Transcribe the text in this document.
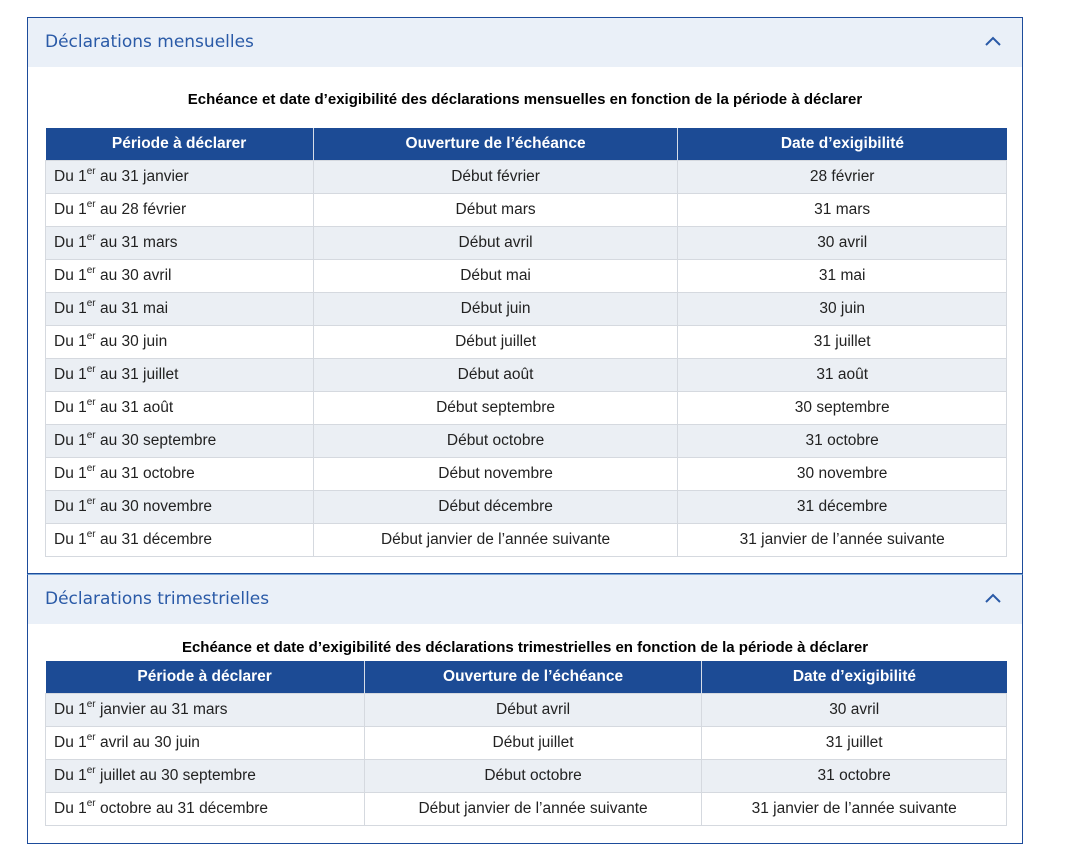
Déclarations mensuelles
Echéance et date d’exigibilité des déclarations mensuelles en fonction de la période à déclarer
Période à déclarer	Ouverture de l’échéance	Date d’exigibilité
Du 1er au 31 janvier	Début février	28 février
Du 1er au 28 février	Début mars	31 mars
Du 1er au 31 mars	Début avril	30 avril
Du 1er au 30 avril	Début mai	31 mai
Du 1er au 31 mai	Début juin	30 juin
Du 1er au 30 juin	Début juillet	31 juillet
Du 1er au 31 juillet	Début août	31 août
Du 1er au 31 août	Début septembre	30 septembre
Du 1er au 30 septembre	Début octobre	31 octobre
Du 1er au 31 octobre	Début novembre	30 novembre
Du 1er au 30 novembre	Début décembre	31 décembre
Du 1er au 31 décembre	Début janvier de l’année suivante	31 janvier de l’année suivante
Déclarations trimestrielles
Echéance et date d’exigibilité des déclarations trimestrielles en fonction de la période à déclarer
Période à déclarer	Ouverture de l’échéance	Date d’exigibilité
Du 1er janvier au 31 mars	Début avril	30 avril
Du 1er avril au 30 juin	Début juillet	31 juillet
Du 1er juillet au 30 septembre	Début octobre	31 octobre
Du 1er octobre au 31 décembre	Début janvier de l’année suivante	31 janvier de l’année suivante
